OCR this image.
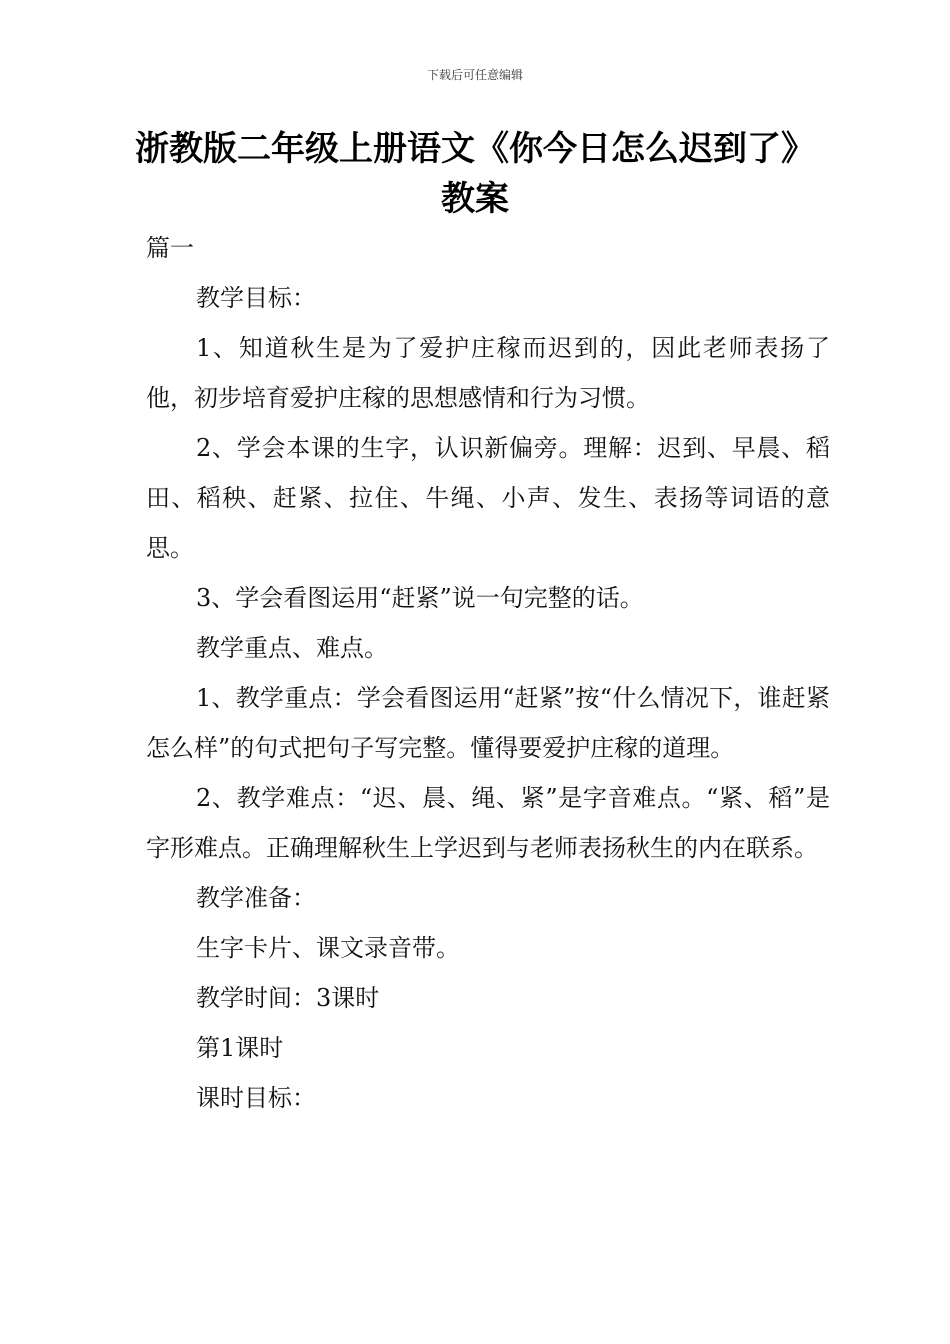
下载后可任意编辑
浙教版二年级上册语文《你今日怎么迟到了》教案

篇一

教学目标：

1、知道秋生是为了爱护庄稼而迟到的，因此老师表扬了他，初步培育爱护庄稼的思想感情和行为习惯。

2、学会本课的生字，认识新偏旁。理解：迟到、早晨、稻田、稻秧、赶紧、拉住、牛绳、小声、发生、表扬等词语的意思。

3、学会看图运用“赶紧”说一句完整的话。

教学重点、难点。

1、教学重点：学会看图运用“赶紧”按“什么情况下，谁赶紧怎么样”的句式把句子写完整。懂得要爱护庄稼的道理。

2、教学难点：“迟、晨、绳、紧”是字音难点。“紧、稻”是字形难点。正确理解秋生上学迟到与老师表扬秋生的内在联系。

教学准备：

生字卡片、课文录音带。

教学时间：3课时

第1课时

课时目标：
